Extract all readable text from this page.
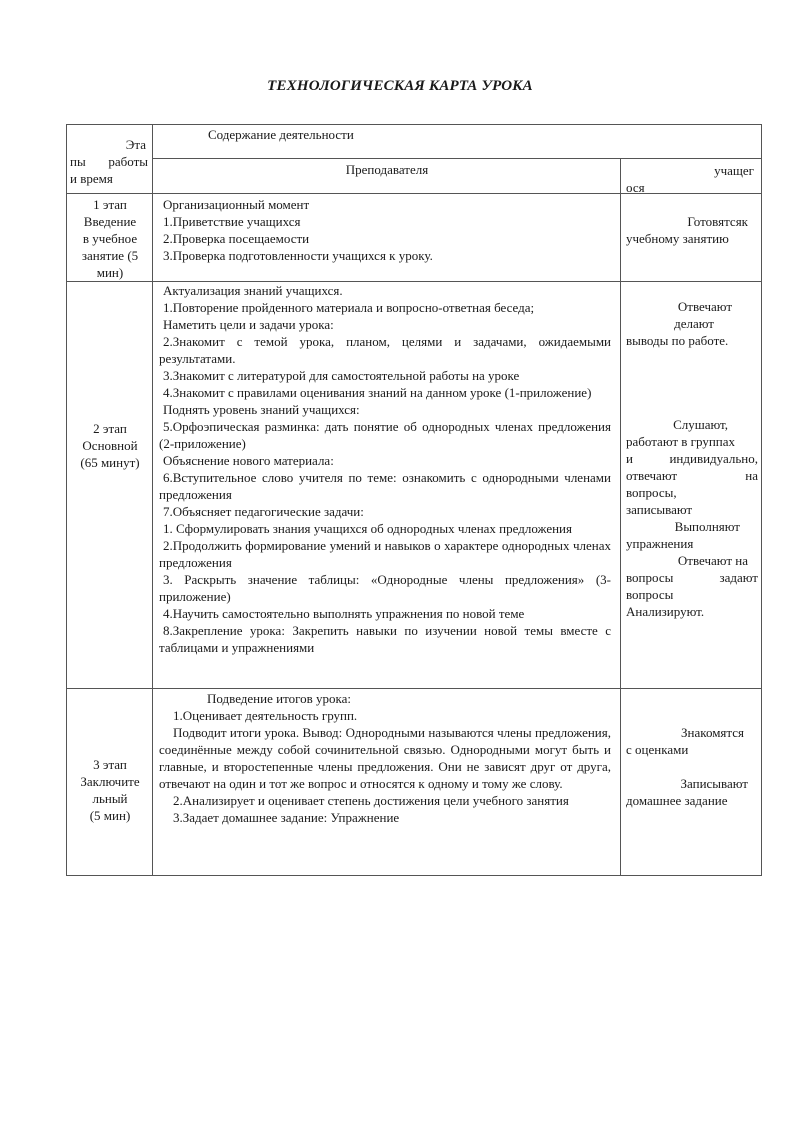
ТЕХНОЛОГИЧЕСКАЯ КАРТА УРОКА
Эта
пы работы
и время
Содержание деятельности
Преподавателя	учащег
ося
1 этап
Введение
в учебное
занятие (5
мин)
Организационный момент
1.Приветствие учащихся
2.Проверка посещаемости
3.Проверка подготовленности учащихся к уроку.
Готовятсяк
учебному занятию
2 этап
Основной
(65 минут)
Актуализация знаний учащихся.
1.Повторение пройденного материала и вопросно-ответная беседа;
Наметить цели и задачи урока:
2.Знакомит с темой урока, планом, целями и задачами, ожидаемыми результатами.
3.Знакомит с литературой для самостоятельной работы на уроке
4.Знакомит с правилами оценивания знаний на данном уроке (1-приложение)
Поднять уровень знаний учащихся:
5.Орфоэпическая разминка: дать понятие об однородных членах предложения (2-приложение)
Объяснение нового материала:
6.Вступительное слово учителя по теме: ознакомить с однородными членами предложения
7.Объясняет педагогические задачи:
1. Сформулировать знания учащихся об однородных членах предложения
2.Продолжить формирование умений и навыков о характере однородных членах предложения
3. Раскрыть значение таблицы: «Однородные члены предложения» (3-приложение)
4.Научить самостоятельно выполнять упражнения по новой теме
8.Закрепление урока: Закрепить навыки по изучении новой темы вместе с таблицами и упражнениями
Отвечают
делают
выводы по работе.
Слушают,
работают в группах
и индивидуально,
отвечают на
вопросы,
записывают
Выполняют
упражнения
Отвечают на
вопросы задают
вопросы
Анализируют.
3 этап
Заключите
льный
(5 мин)
Подведение итогов урока:
1.Оценивает деятельность групп.
Подводит итоги урока. Вывод: Однородными называются члены предложения, соединённые между собой сочинительной связью. Однородными могут быть и главные, и второстепенные члены предложения. Они не зависят друг от друга, отвечают на один и тот же вопрос и относятся к одному и тому же слову.
2.Анализирует и оценивает степень достижения цели учебного занятия
3.Задает домашнее задание: Упражнение
Знакомятся
с оценками
Записывают
домашнее задание
